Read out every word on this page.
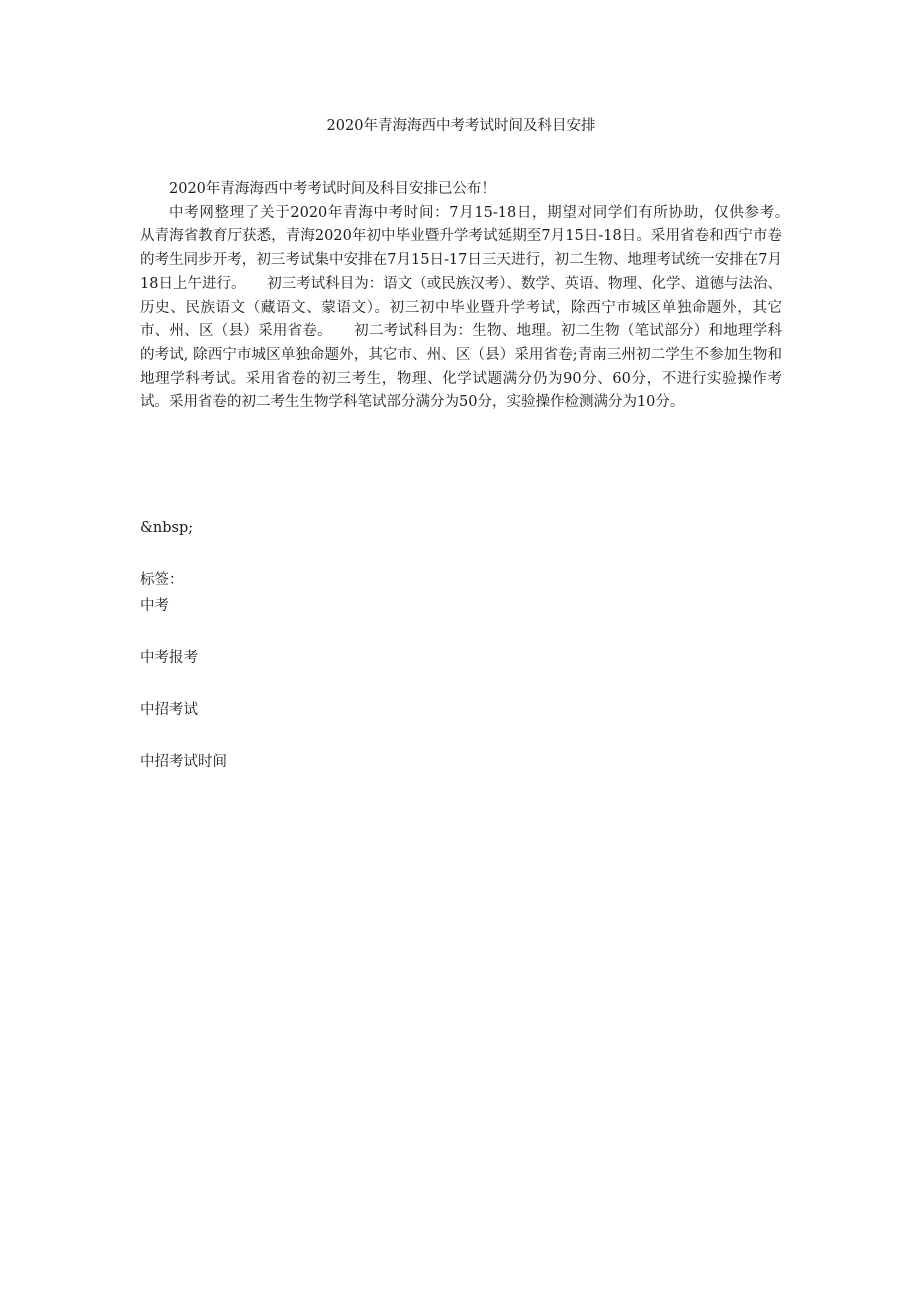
2020年青海海西中考考试时间及科目安排

2020年青海海西中考考试时间及科目安排已公布！

中考网整理了关于2020年青海中考时间：7月15-18日，期望对同学们有所协助，仅供参考。　　从青海省教育厅获悉，青海2020年初中毕业暨升学考试延期至7月15日-18日。采用省卷和西宁市卷的考生同步开考，初三考试集中安排在7月15日-17日三天进行，初二生物、地理考试统一安排在7月18日上午进行。　　初三考试科目为：语文（或民族汉考）、数学、英语、物理、化学、道德与法治、历史、民族语文（藏语文、蒙语文）。初三初中毕业暨升学考试，除西宁市城区单独命题外，其它市、州、区（县）采用省卷。　　初二考试科目为：生物、地理。初二生物（笔试部分）和地理学科的考试, 除西宁市城区单独命题外，其它市、州、区（县）采用省卷;青南三州初二学生不参加生物和地理学科考试。采用省卷的初三考生，物理、化学试题满分仍为90分、60分，不进行实验操作考试。采用省卷的初二考生生物学科笔试部分满分为50分，实验操作检测满分为10分。

&nbsp;
标签：
中考
中考报考
中招考试
中招考试时间
